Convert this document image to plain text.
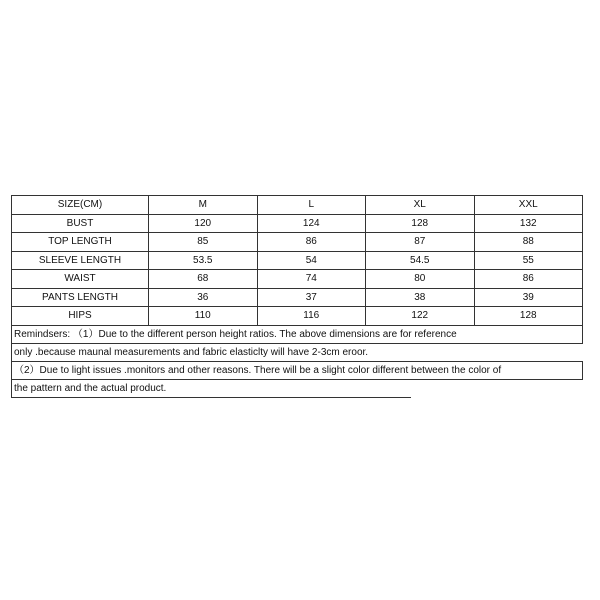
SIZE(CM)	M	L	XL	XXL
BUST	120	124	128	132
TOP LENGTH	85	86	87	88
SLEEVE LENGTH	53.5	54	54.5	55
WAIST	68	74	80	86
PANTS LENGTH	36	37	38	39
HIPS	110	116	122	128
Remindsers: （1）Due to the different person height ratios. The above dimensions are for reference
only .because maunal measurements and fabric elasticlty will have 2-3cm eroor.
（2）Due to light issues .monitors and other reasons. There will be a slight color different between the color of
the pattern and the actual product.
